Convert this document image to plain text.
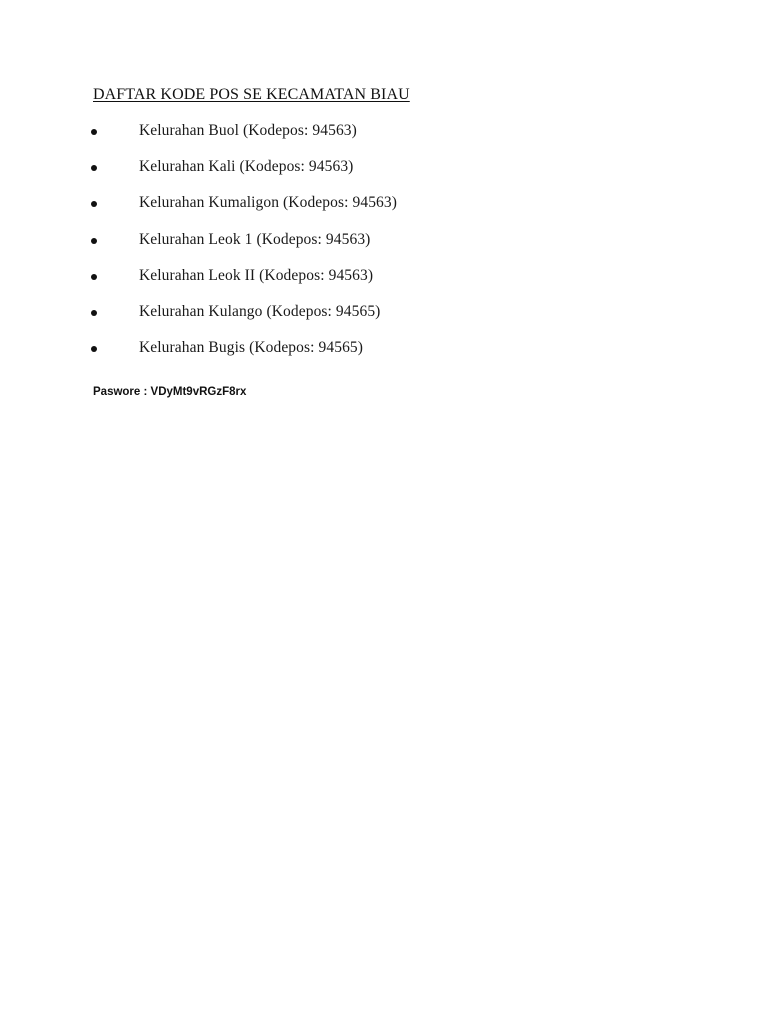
DAFTAR KODE POS SE KECAMATAN BIAU
Kelurahan Buol (Kodepos: 94563)
Kelurahan Kali (Kodepos: 94563)
Kelurahan Kumaligon (Kodepos: 94563)
Kelurahan Leok 1 (Kodepos: 94563)
Kelurahan Leok II (Kodepos: 94563)
Kelurahan Kulango (Kodepos: 94565)
Kelurahan Bugis (Kodepos: 94565)
Paswore : VDyMt9vRGzF8rx
